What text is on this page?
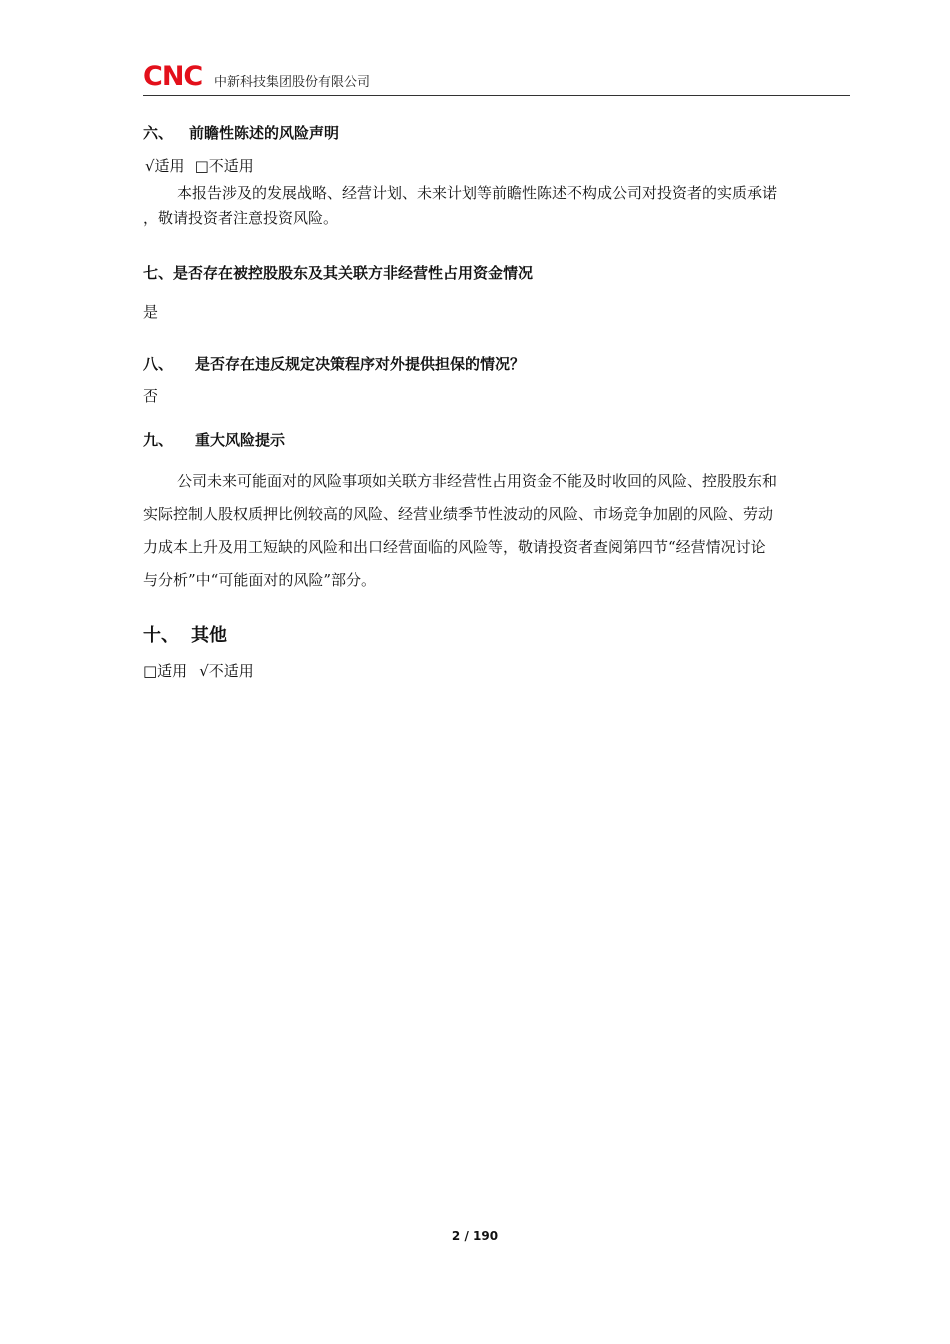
CNC 中新科技集团股份有限公司
六、 前瞻性陈述的风险声明
√适用 □不适用
本报告涉及的发展战略、经营计划、未来计划等前瞻性陈述不构成公司对投资者的实质承诺
，敬请投资者注意投资风险。
七、是否存在被控股股东及其关联方非经营性占用资金情况
是
八、 是否存在违反规定决策程序对外提供担保的情况？
否
九、 重大风险提示
公司未来可能面对的风险事项如关联方非经营性占用资金不能及时收回的风险、控股股东和
实际控制人股权质押比例较高的风险、经营业绩季节性波动的风险、市场竞争加剧的风险、劳动
力成本上升及用工短缺的风险和出口经营面临的风险等，敬请投资者查阅第四节“经营情况讨论
与分析”中“可能面对的风险”部分。
十、 其他
□适用 √不适用
2 / 190
